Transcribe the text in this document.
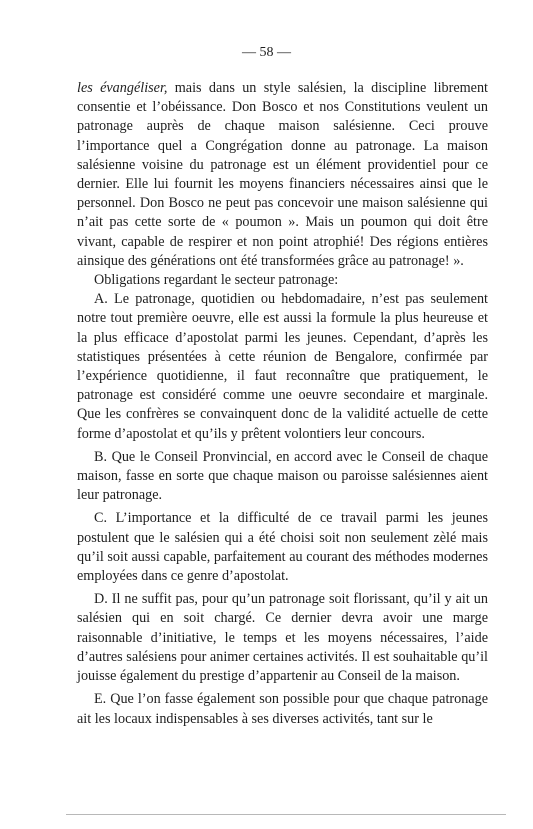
— 58 —

les évangéliser, mais dans un style salésien, la discipline librement consentie et l’obéissance. Don Bosco et nos Constitutions veulent un patronage auprès de chaque maison salésienne. Ceci prouve l’importance quel a Congrégation donne au patronage. La maison salésienne voisine du patronage est un élément providentiel pour ce dernier. Elle lui fournit les moyens financiers nécessaires ainsi que le personnel. Don Bosco ne peut pas concevoir une maison salésienne qui n’ait pas cette sorte de « poumon ». Mais un poumon qui doit être vivant, capable de respirer et non point atrophié! Des régions entières ainsique des générations ont été transformées grâce au patronage! ».

Obligations regardant le secteur patronage:

A. Le patronage, quotidien ou hebdomadaire, n’est pas seulement notre tout première oeuvre, elle est aussi la formule la plus heureuse et la plus efficace d’apostolat parmi les jeunes. Cependant, d’après les statistiques présentées à cette réunion de Bengalore, confirmée par l’expérience quotidienne, il faut reconnaître que pratiquement, le patronage est considéré comme une oeuvre secondaire et marginale. Que les confrères se convainquent donc de la validité actuelle de cette forme d’apostolat et qu’ils y prêtent volontiers leur concours.

B. Que le Conseil Pronvincial, en accord avec le Conseil de chaque maison, fasse en sorte que chaque maison ou paroisse salésiennes aient leur patronage.

C. L’importance et la difficulté de ce travail parmi les jeunes postulent que le salésien qui a été choisi soit non seulement zèlé mais qu’il soit aussi capable, parfaitement au courant des méthodes modernes employées dans ce genre d’apostolat.

D. Il ne suffit pas, pour qu’un patronage soit florissant, qu’il y ait un salésien qui en soit chargé. Ce dernier devra avoir une marge raisonnable d’initiative, le temps et les moyens nécessaires, l’aide d’autres salésiens pour animer certaines activités. Il est souhaitable qu’il jouisse également du prestige d’appartenir au Conseil de la maison.

E. Que l’on fasse également son possible pour que chaque patronage ait les locaux indispensables à ses diverses activités, tant sur le
